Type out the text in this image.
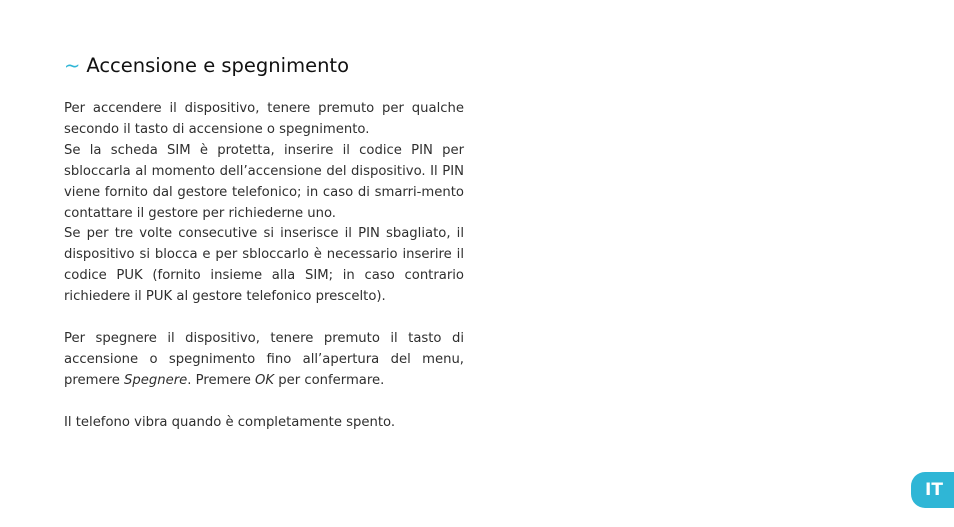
~ Accensione e spegnimento

Per accendere il dispositivo, tenere premuto per qualche secondo il tasto di accensione o spegnimento.

Se la scheda SIM è protetta, inserire il codice PIN per sbloccarla al momento dell’accensione del dispositivo. Il PIN viene fornito dal gestore telefonico; in caso di smarri-mento contattare il gestore per richiederne uno.

Se per tre volte consecutive si inserisce il PIN sbagliato, il dispositivo si blocca e per sbloccarlo è necessario inserire il codice PUK (fornito insieme alla SIM; in caso contrario richiedere il PUK al gestore telefonico prescelto).

Per spegnere il dispositivo, tenere premuto il tasto di accensione o spegnimento fino all’apertura del menu, premere Spegnere. Premere OK per confermare.

Il telefono vibra quando è completamente spento.

IT
